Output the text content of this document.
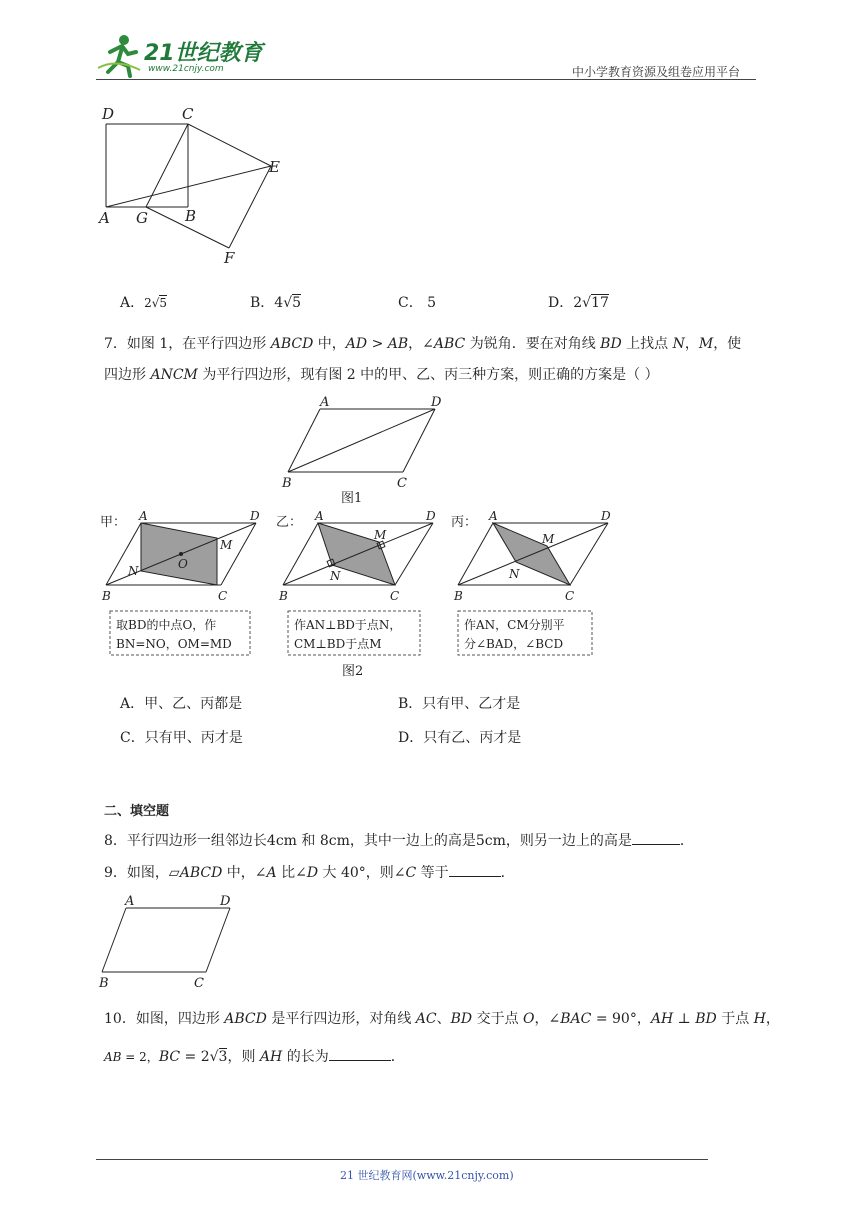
21世纪教育
www.21cnjy.com	中小学教育资源及组卷应用平台
D	C
E
A G B
F
A．2√5	B．4√5	C． 5	D．2√17
7．如图 1，在平行四边形 ABCD 中，AD > AB，∠ABC 为锐角．要在对角线 BD 上找点 N，M，使
四边形 ANCM 为平行四边形，现有图 2 中的甲、乙、丙三种方案，则正确的方案是（ ）
A	D
B	C
图1
甲： A	D
M
N	O
B	C
取BD的中点O，作
BN=NO，OM=MD
乙： A	D
M
N
B	C
作AN⊥BD于点N，
CM⊥BD于点M
丙： A	D
M
N
B	C
作AN，CM分别平
分∠BAD，∠BCD
图2
A．甲、乙、丙都是	B．只有甲、乙才是
C．只有甲、丙才是	D．只有乙、丙才是
二、填空题
8．平行四边形一组邻边长4cm 和 8cm，其中一边上的高是5cm，则另一边上的高是	．
9．如图，▱ABCD 中，∠A 比∠D 大 40°，则∠C 等于	．
A	D
B	C
10．如图，四边形 ABCD 是平行四边形，对角线 AC、BD 交于点 O，∠BAC = 90°，AH ⊥ BD 于点 H，
AB = 2，BC = 2√3，则 AH 的长为	．
21 世纪教育网(www.21cnjy.com)
